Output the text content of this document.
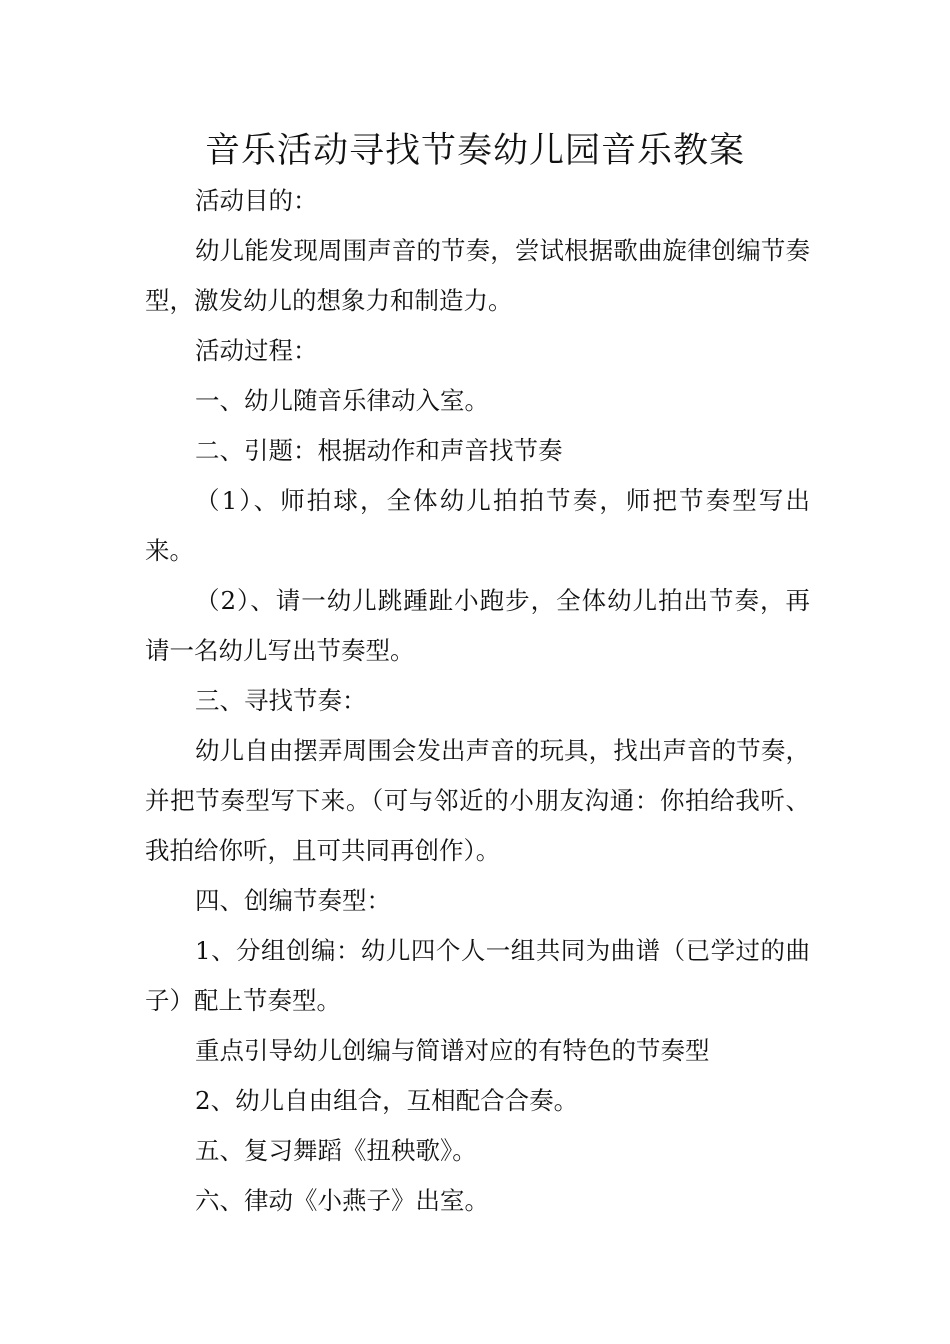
音乐活动寻找节奏幼儿园音乐教案

活动目的：

幼儿能发现周围声音的节奏，尝试根据歌曲旋律创编节奏型，激发幼儿的想象力和制造力。

活动过程：

一、幼儿随音乐律动入室。

二、引题：根据动作和声音找节奏

（1）、师拍球，全体幼儿拍拍节奏，师把节奏型写出来。

（2）、请一幼儿跳踵趾小跑步，全体幼儿拍出节奏，再请一名幼儿写出节奏型。

三、寻找节奏：

幼儿自由摆弄周围会发出声音的玩具，找出声音的节奏，并把节奏型写下来。（可与邻近的小朋友沟通：你拍给我听、我拍给你听，且可共同再创作）。

四、创编节奏型：

1、分组创编：幼儿四个人一组共同为曲谱（已学过的曲子）配上节奏型。

重点引导幼儿创编与简谱对应的有特色的节奏型

2、幼儿自由组合，互相配合合奏。

五、复习舞蹈《扭秧歌》。

六、律动《小燕子》出室。
